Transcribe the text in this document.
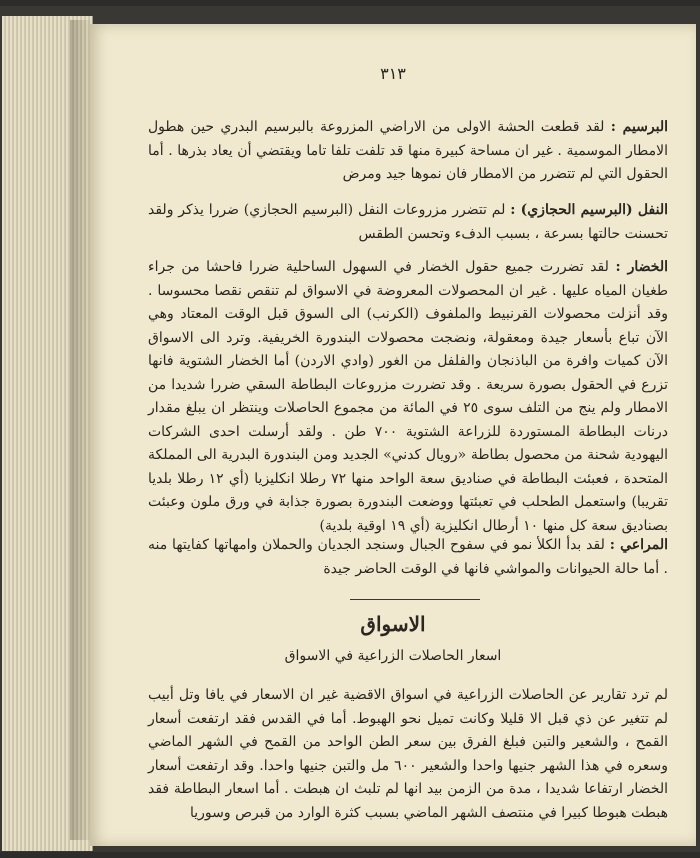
٣١٣
البرسيم : لقد قطعت الحشة الاولى من الاراضي المزروعة بالبرسيم البدري حين هطول الامطار الموسمية . غير ان مساحة كبيرة منها قد تلفت تلفا تاما ويقتضي أن يعاد بذرها . أما الحقول التي لم تتضرر من الامطار فان نموها جيد ومرض
النفل (البرسيم الحجازي) : لم تتضرر مزروعات النفل (البرسيم الحجازي) ضررا يذكر ولقد تحسنت حالتها بسرعة ، بسبب الدفء وتحسن الطقس
الخضار : لقد تضررت جميع حقول الخضار في السهول الساحلية ضررا فاحشا من جراء طغيان المياه عليها . غير ان المحصولات المعروضة في الاسواق لم تنقص نقصا محسوسا . وقد أنزلت محصولات القرنبيط والملفوف (الكرنب) الى السوق قبل الوقت المعتاد وهي الآن تباع بأسعار جيدة ومعقولة، ونضجت محصولات البندورة الخريفية. وترد الى الاسواق الآن كميات وافرة من الباذنجان والفلفل من الغور (وادي الاردن) أما الخضار الشتوية فانها تزرع في الحقول بصورة سريعة . وقد تضررت مزروعات البطاطة السقي ضررا شديدا من الامطار ولم ينج من التلف سوى ٢٥ في المائة من مجموع الحاصلات وينتظر ان يبلغ مقدار درنات البطاطة المستوردة للزراعة الشتوية ٧٠٠ طن . ولقد أرسلت احدى الشركات اليهودية شحنة من محصول بطاطة «رويال كدني» الجديد ومن البندورة البدرية الى المملكة المتحدة ، فعبئت البطاطة في صناديق سعة الواحد منها ٧٢ رطلا انكليزيا (أي ١٢ رطلا بلديا تقريبا) واستعمل الطحلب في تعبئتها ووضعت البندورة بصورة جذابة في ورق ملون وعبئت بصناديق سعة كل منها ١٠ أرطال انكليزية (أي ١٩ اوقية بلدية)
المراعي : لقد بدأ الكلأ نمو في سفوح الجبال وسنجد الجديان والحملان وامهاتها كفايتها منه . أما حالة الحيوانات والمواشي فانها في الوقت الحاضر جيدة
الاسواق
اسعار الحاصلات الزراعية في الاسواق
لم ترد تقارير عن الحاصلات الزراعية في اسواق الاقضية غير ان الاسعار في يافا وتل أبيب لم تتغير عن ذي قبل الا قليلا وكانت تميل نحو الهبوط. أما في القدس فقد ارتفعت أسعار القمح ، والشعير والتبن فبلغ الفرق بين سعر الطن الواحد من القمح في الشهر الماضي وسعره في هذا الشهر جنيها واحدا والشعير ٦٠٠ مل والتبن جنيها واحدا. وقد ارتفعت أسعار الخضار ارتفاعا شديدا ، مدة من الزمن بيد انها لم تلبث ان هبطت . أما اسعار البطاطة فقد هبطت هبوطا كبيرا في منتصف الشهر الماضي بسبب كثرة الوارد من قبرص وسوريا
